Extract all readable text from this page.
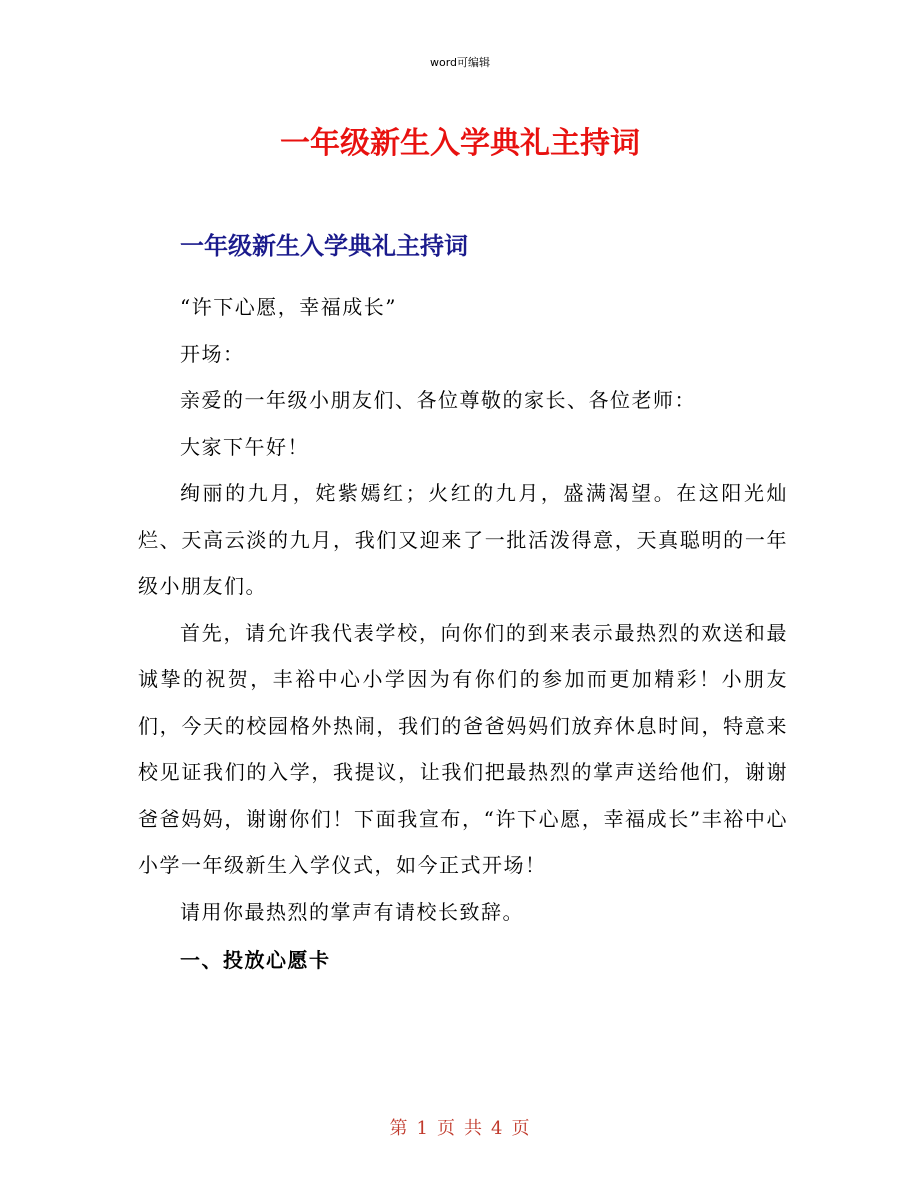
word可编辑
一年级新生入学典礼主持词
一年级新生入学典礼主持词

“许下心愿，幸福成长”

开场：

亲爱的一年级小朋友们、各位尊敬的家长、各位老师：

大家下午好！

绚丽的九月，姹紫嫣红；火红的九月，盛满渴望。在这阳光灿烂、天高云淡的九月，我们又迎来了一批活泼得意，天真聪明的一年级小朋友们。

首先，请允许我代表学校，向你们的到来表示最热烈的欢送和最诚挚的祝贺，丰裕中心小学因为有你们的参加而更加精彩！小朋友们，今天的校园格外热闹，我们的爸爸妈妈们放弃休息时间，特意来校见证我们的入学，我提议，让我们把最热烈的掌声送给他们，谢谢爸爸妈妈，谢谢你们！下面我宣布，“许下心愿，幸福成长”丰裕中心小学一年级新生入学仪式，如今正式开场！

请用你最热烈的掌声有请校长致辞。

一、投放心愿卡

第 1 页 共 4 页
